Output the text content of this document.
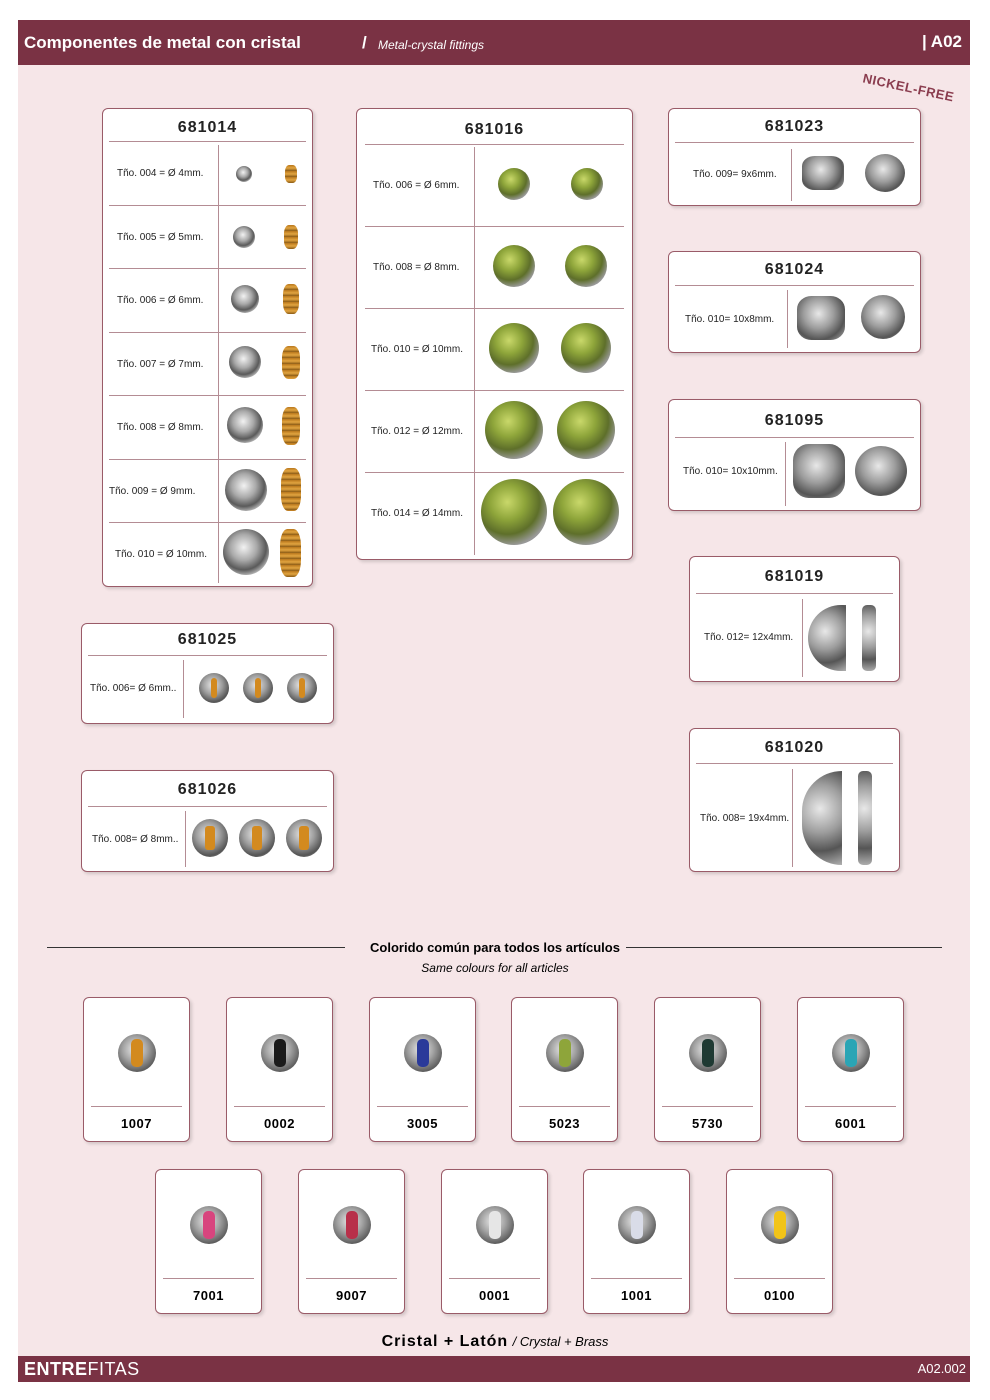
Componentes de metal con cristal	/ Metal-crystal fittings	| A02
NICKEL-FREE
681014
Tño. 004 = Ø 4mm.
Tño. 005 = Ø 5mm.
Tño. 006 = Ø 6mm.
Tño. 007 = Ø 7mm.
Tño. 008 = Ø 8mm.
Tño. 009 = Ø 9mm.
Tño. 010 = Ø 10mm.
681016
Tño. 006 = Ø 6mm.
Tño. 008 = Ø 8mm.
Tño. 010 = Ø 10mm.
Tño. 012 = Ø 12mm.
Tño. 014 = Ø 14mm.
681023
Tño. 009= 9x6mm.
681024
Tño. 010= 10x8mm.
681095
Tño. 010= 10x10mm.
681019
Tño. 012= 12x4mm.
681020
Tño. 008= 19x4mm.
681025
Tño. 006= Ø 6mm..
681026
Tño. 008= Ø 8mm..
Colorido común para todos los artículos
Same colours for all articles
1007	0002	3005	5023	5730	6001
7001	9007	0001	1001	0100
Cristal + Latón / Crystal + Brass
ENTREFITAS	A02.002
